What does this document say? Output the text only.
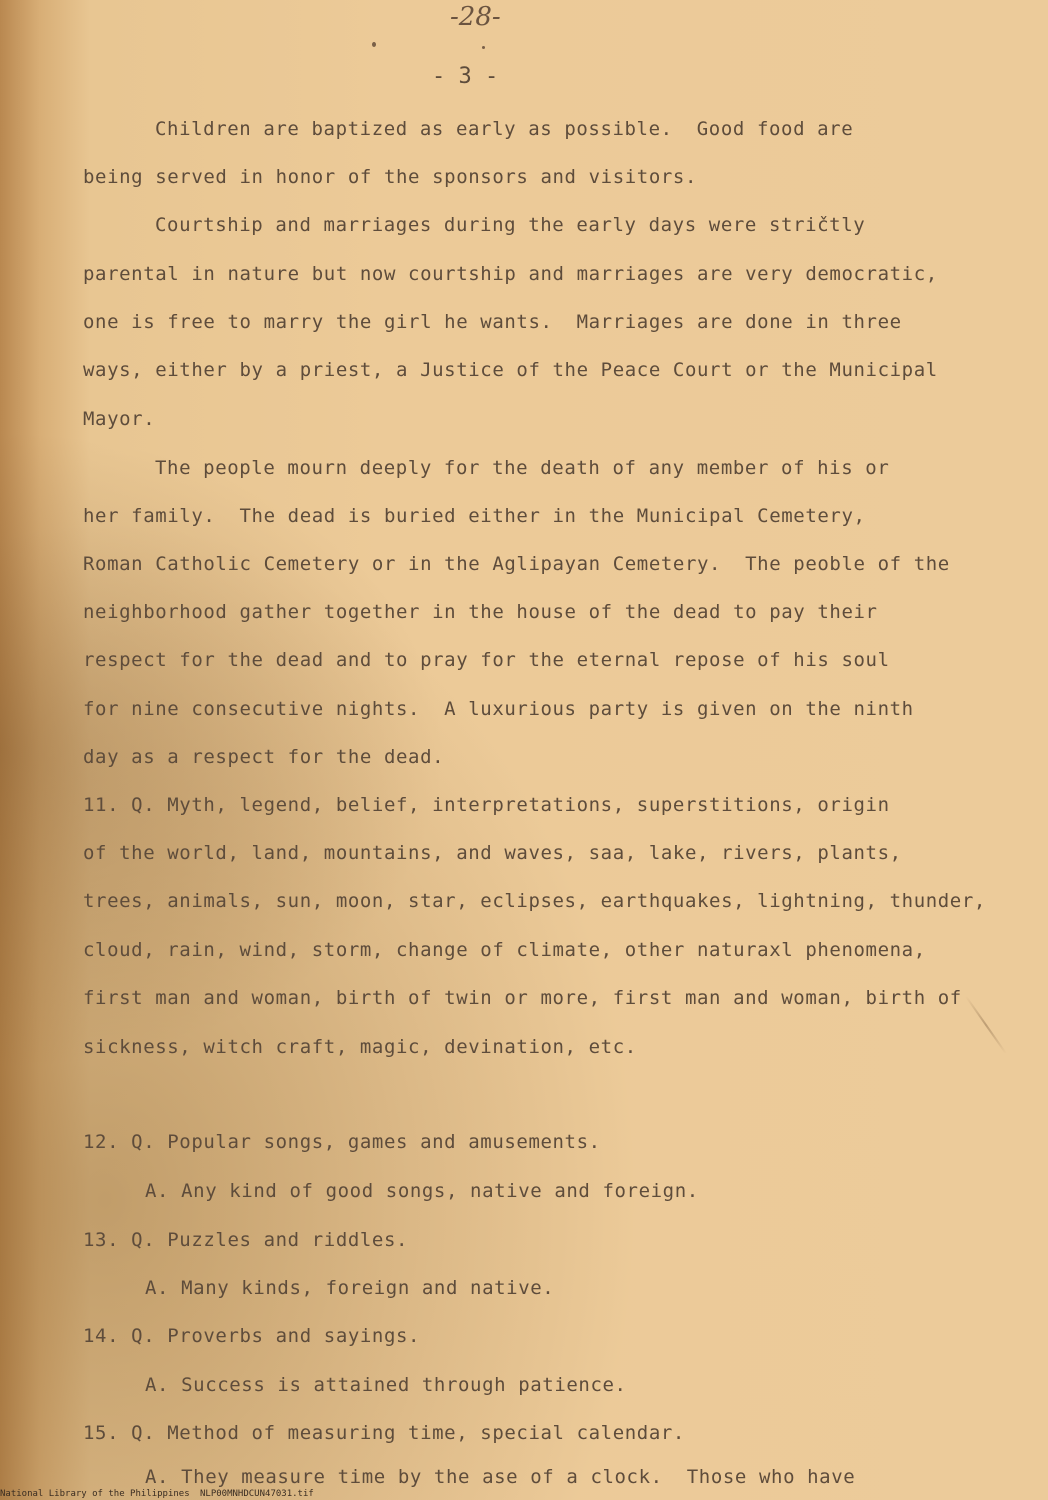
-28-
- 3 -
Children are baptized as early as possible.  Good food are
being served in honor of the sponsors and visitors.
Courtship and marriages during the early days were stričtly
parental in nature but now courtship and marriages are very democratic,
one is free to marry the girl he wants.  Marriages are done in three
ways, either by a priest, a Justice of the Peace Court or the Municipal
Mayor.
The people mourn deeply for the death of any member of his or
her family.  The dead is buried either in the Municipal Cemetery,
Roman Catholic Cemetery or in the Aglipayan Cemetery.  The peoble of the
neighborhood gather together in the house of the dead to pay their
respect for the dead and to pray for the eternal repose of his soul
for nine consecutive nights.  A luxurious party is given on the ninth
day as a respect for the dead.
11. Q. Myth, legend, belief, interpretations, superstitions, origin
of the world, land, mountains, and waves, saa, lake, rivers, plants,
trees, animals, sun, moon, star, eclipses, earthquakes, lightning, thunder,
cloud, rain, wind, storm, change of climate, other naturaxl phenomena,
first man and woman, birth of twin or more, first man and woman, birth of
sickness, witch craft, magic, devination, etc.
12. Q. Popular songs, games and amusements.
A. Any kind of good songs, native and foreign.
13. Q. Puzzles and riddles.
A. Many kinds, foreign and native.
14. Q. Proverbs and sayings.
A. Success is attained through patience.
15. Q. Method of measuring time, special calendar.
A. They measure time by the ase of a clock.  Those who have
National Library of the Philippines NLP00MNHDCUN47031.tif
